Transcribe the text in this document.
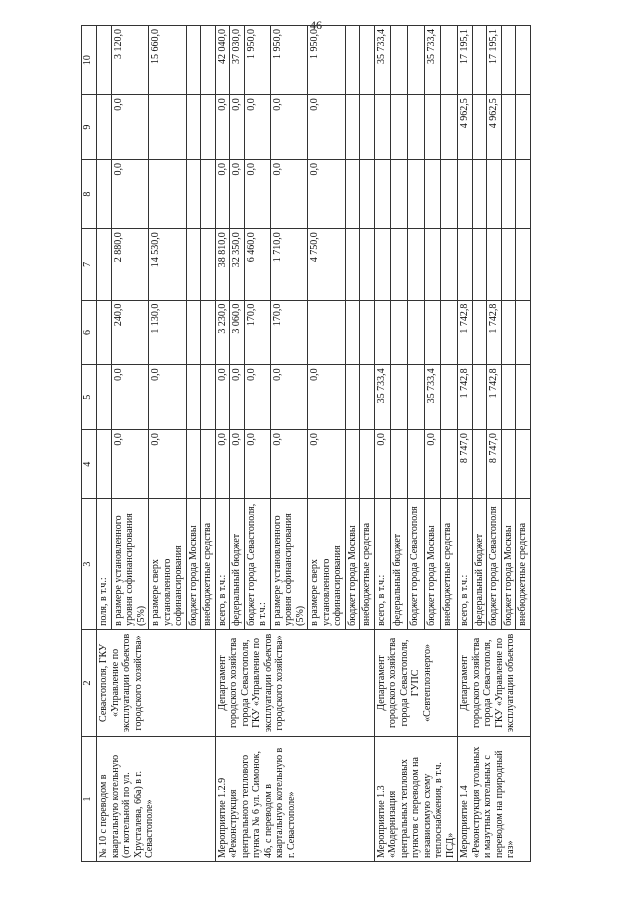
46
1	2	3	4	5	6	7	8	9	10
№ 10 с переводом в квартальную котельную (от котельной по ул. Хрусталева, 66а) в г. Севастополе»	Севастополя, ГКУ «Управление по эксплуатации объектов городского хозяйства»	поля, в т.ч.:							
		в размере установленного уровня софинансирования (5%)	0,0	0,0	240,0	2 880,0	0,0	0,0	3 120,0
		в размере сверх установленного софинансирования	0,0	0,0	1 130,0	14 530,0			15 660,0
		бюджет города Москвы							
		внебюджетные средства							
Мероприятие 1.2.9 «Реконструкция центрального теплового пункта № 6 ул. Симонок, 46, с переводом в квартальную котельную в г. Севастополе»	Департамент городского хозяйства города Севастополя, ГКУ «Управление по эксплуатации объектов городского хозяйства»	всего, в т.ч.:	0,0	0,0	3 230,0	38 810,0	0,0	0,0	42 040,0
		федеральный бюджет	0,0	0,0	3 060,0	32 350,0	0,0	0,0	37 030,0
		бюджет города Севастополя, в т.ч.:	0,0	0,0	170,0	6 460,0	0,0	0,0	1 950,0
		в размере установленного уровня софинансирования (5%)	0,0	0,0	170,0	1 710,0	0,0	0,0	1 950,0
		в размере сверх установленного софинансирования	0,0	0,0		4 750,0	0,0	0,0	1 950,0
		бюджет города Москвы							
		внебюджетные средства							
Мероприятие 1.3 «Модернизация центральных тепловых пунктов с переводом на независимую схему теплоснабжения, в т.ч. ПСД»	Департамент городского хозяйства города Севастополя, ГУПС «Севтеплоэнерго»	всего, в т.ч.:	0,0	35 733,4					35 733,4
		федеральный бюджет							
		бюджет города Севастополя							
		бюджет города Москвы	0,0	35 733,4					35 733,4
		внебюджетные средства							
Мероприятие 1.4 «Реконструкция угольных и мазутных котельных с переводом на природный газ»	Департамент городского хозяйства города Севастополя, ГКУ «Управление по эксплуатации объектов	всего, в т.ч.:	8 747,0	1 742,8	1 742,8			4 962,5	17 195,1
		федеральный бюджет							
		бюджет города Севастополя	8 747,0	1 742,8	1 742,8			4 962,5	17 195,1
		бюджет города Москвы							
		внебюджетные средства							
